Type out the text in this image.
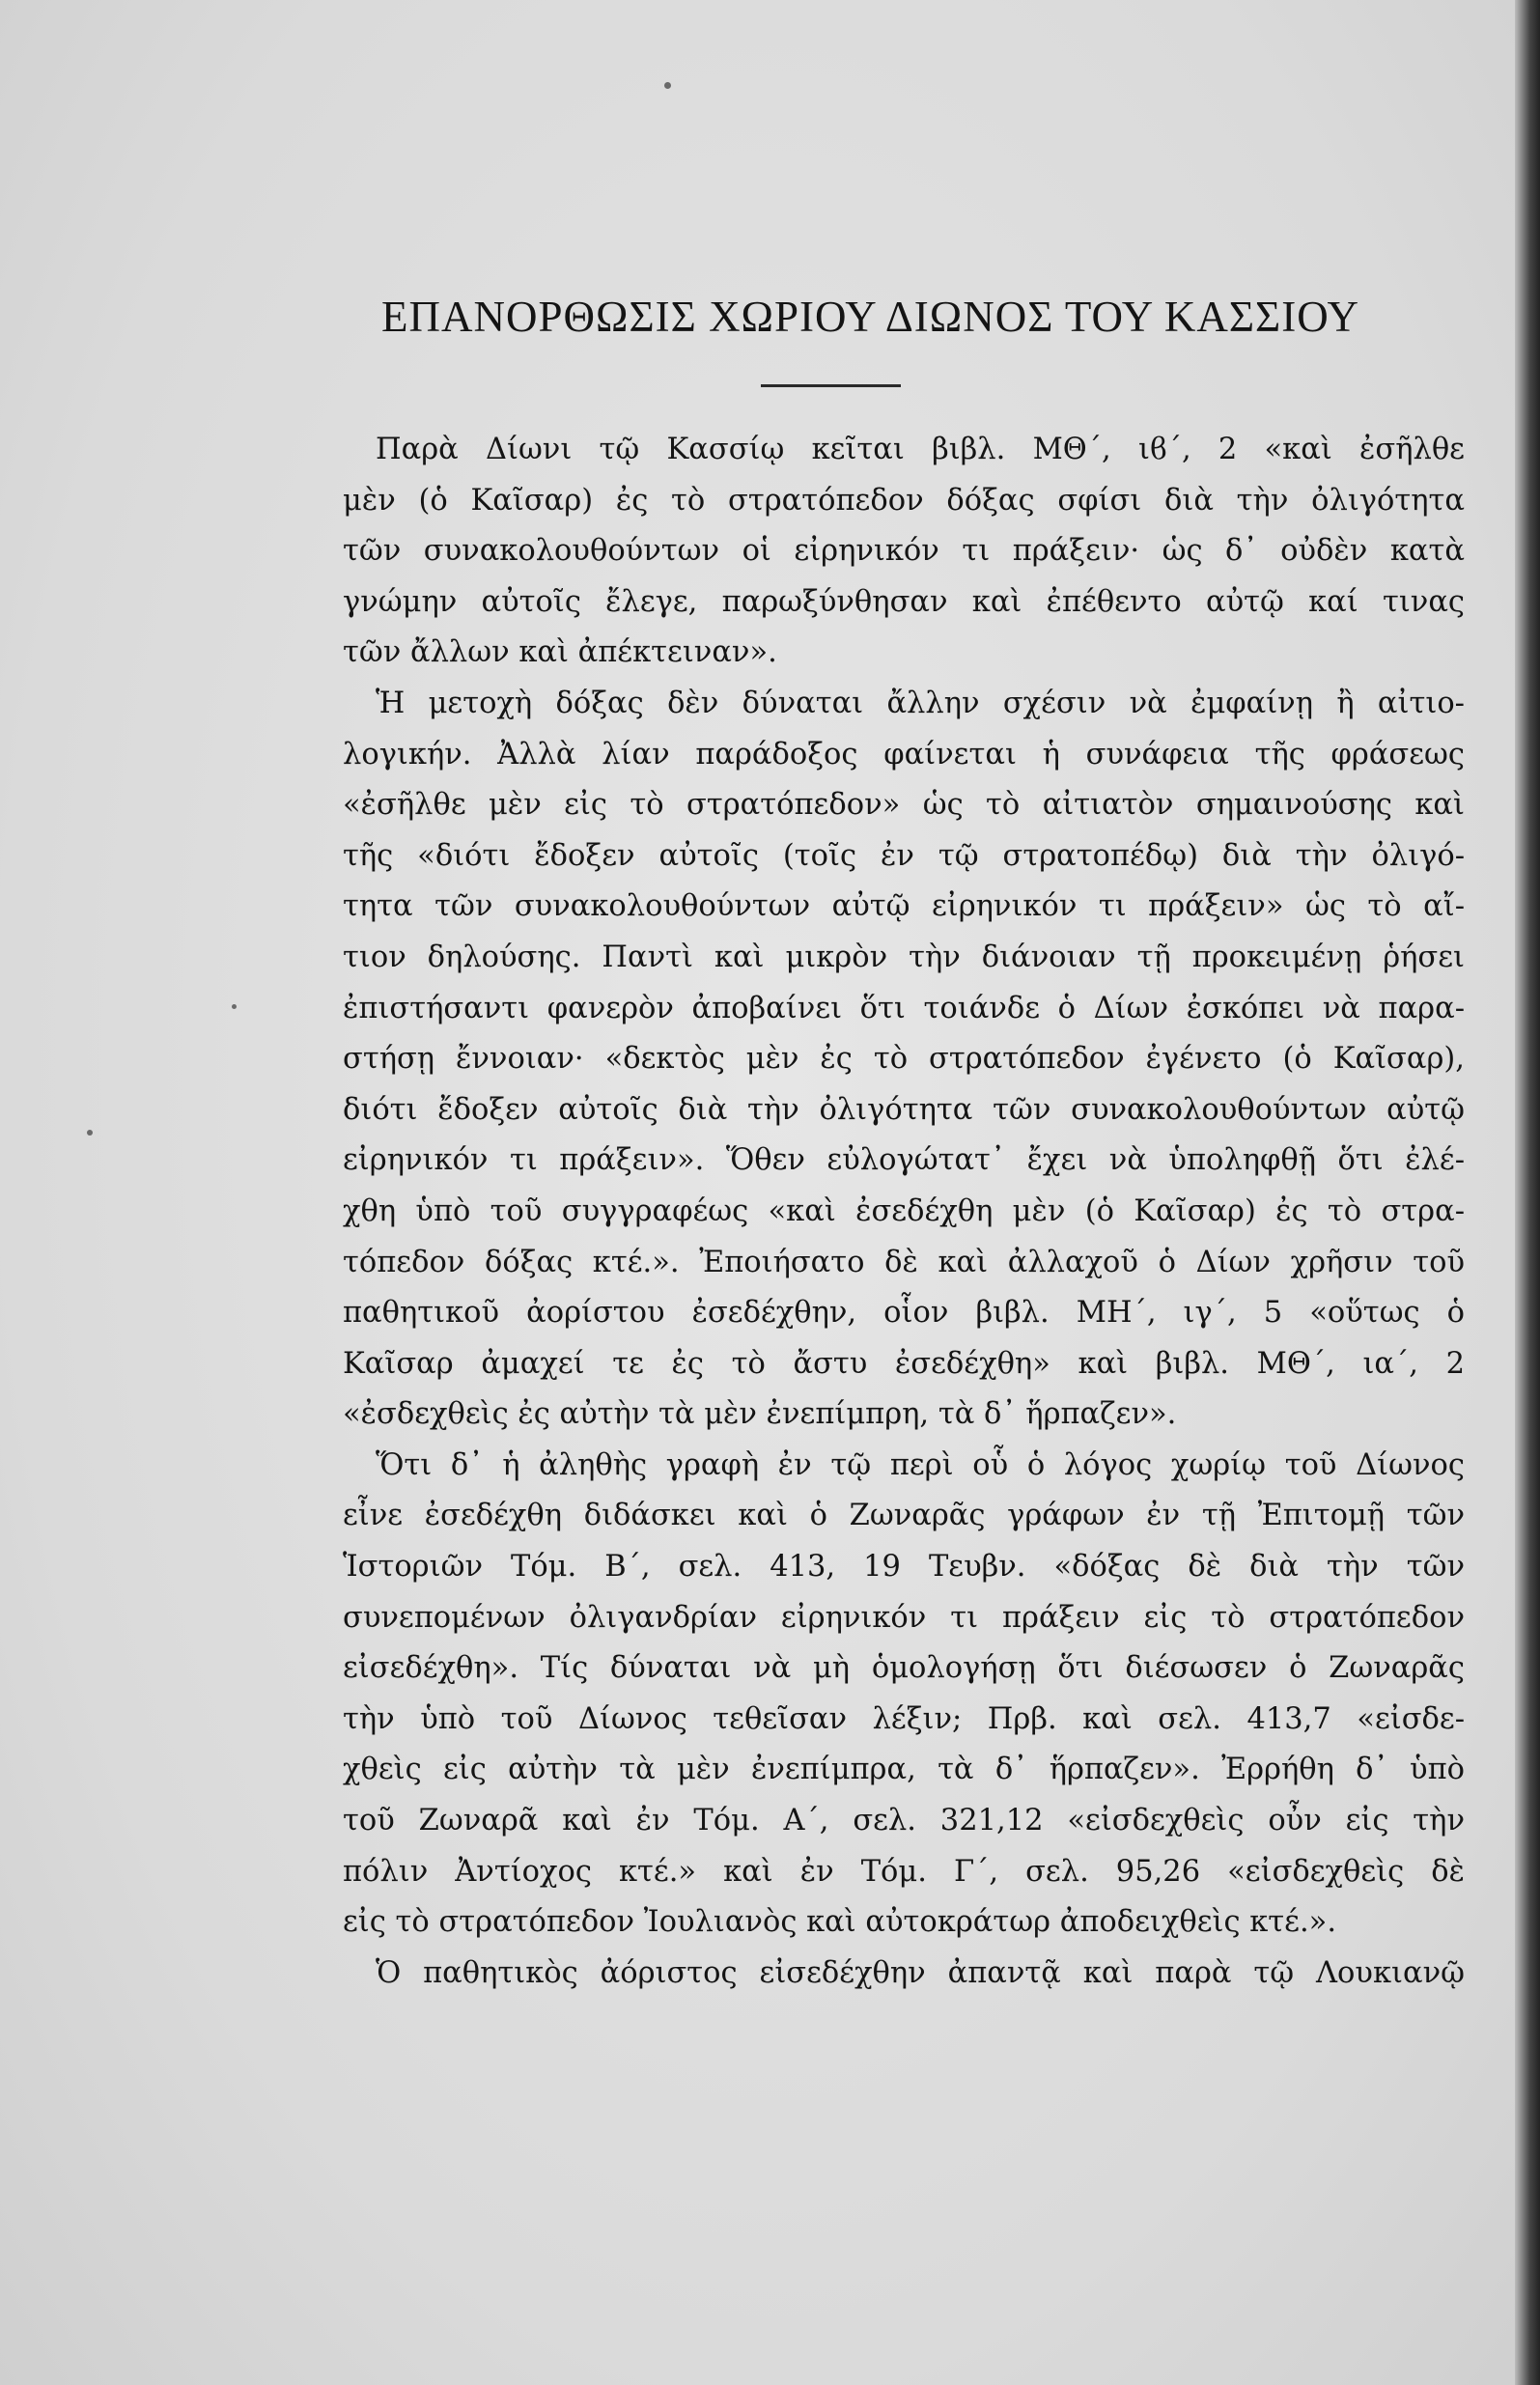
ΕΠΑΝΟΡΘΩΣΙΣ ΧΩΡΙΟΥ ΔΙΩΝΟΣ ΤΟΥ ΚΑΣΣΙΟΥ
Παρὰ Δίωνι τῷ Κασσίῳ κεῖται βιβλ. ΜΘ΄, ιϐ΄, 2 «καὶ ἐσῆλθε
μὲν (ὁ Καῖσαρ) ἐς τὸ στρατόπεδον δόξας σφίσι διὰ τὴν ὀλιγότητα
τῶν συνακολουθούντων οἱ εἰρηνικόν τι πράξειν· ὡς δ᾽ οὐδὲν κατὰ
γνώμην αὐτοῖς ἔλεγε, παρωξύνθησαν καὶ ἐπέθεντο αὐτῷ καί τινας
τῶν ἄλλων καὶ ἀπέκτειναν».
Ἡ μετοχὴ δόξας δὲν δύναται ἄλλην σχέσιν νὰ ἐμφαίνῃ ἢ αἰτιο-
λογικήν. Ἀλλὰ λίαν παράδοξος φαίνεται ἡ συνάφεια τῆς φράσεως
«ἐσῆλθε μὲν εἰς τὸ στρατόπεδον» ὡς τὸ αἰτιατὸν σημαινούσης καὶ
τῆς «διότι ἔδοξεν αὐτοῖς (τοῖς ἐν τῷ στρατοπέδῳ) διὰ τὴν ὀλιγό-
τητα τῶν συνακολουθούντων αὐτῷ εἰρηνικόν τι πράξειν» ὡς τὸ αἴ-
τιον δηλούσης. Παντὶ καὶ μικρὸν τὴν διάνοιαν τῇ προκειμένῃ ῥήσει
ἐπιστήσαντι φανερὸν ἀποβαίνει ὅτι τοιάνδε ὁ Δίων ἐσκόπει νὰ παρα-
στήσῃ ἔννοιαν· «δεκτὸς μὲν ἐς τὸ στρατόπεδον ἐγένετο (ὁ Καῖσαρ),
διότι ἔδοξεν αὐτοῖς διὰ τὴν ὀλιγότητα τῶν συνακολουθούντων αὐτῷ
εἰρηνικόν τι πράξειν». Ὅθεν εὐλογώτατ᾽ ἔχει νὰ ὑποληφθῇ ὅτι ἐλέ-
χθη ὑπὸ τοῦ συγγραφέως «καὶ ἐσεδέχθη μὲν (ὁ Καῖσαρ) ἐς τὸ στρα-
τόπεδον δόξας κτέ.». Ἐποιήσατο δὲ καὶ ἀλλαχοῦ ὁ Δίων χρῆσιν τοῦ
παθητικοῦ ἀορίστου ἐσεδέχθην, οἷον βιβλ. ΜΗ΄, ιγ΄, 5 «οὕτως ὁ
Καῖσαρ ἀμαχεί τε ἐς τὸ ἄστυ ἐσεδέχθη» καὶ βιβλ. ΜΘ΄, ια΄, 2
«ἐσδεχθεὶς ἐς αὐτὴν τὰ μὲν ἐνεπίμπρη, τὰ δ᾽ ἥρπαζεν».
Ὅτι δ᾽ ἡ ἀληθὴς γραφὴ ἐν τῷ περὶ οὗ ὁ λόγος χωρίῳ τοῦ Δίωνος
εἶνε ἐσεδέχθη διδάσκει καὶ ὁ Ζωναρᾶς γράφων ἐν τῇ Ἐπιτομῇ τῶν
Ἱστοριῶν Τόμ. Β΄, σελ. 413, 19 Τευβν. «δόξας δὲ διὰ τὴν τῶν
συνεπομένων ὀλιγανδρίαν εἰρηνικόν τι πράξειν εἰς τὸ στρατόπεδον
εἰσεδέχθη». Τίς δύναται νὰ μὴ ὁμολογήσῃ ὅτι διέσωσεν ὁ Ζωναρᾶς
τὴν ὑπὸ τοῦ Δίωνος τεθεῖσαν λέξιν; Πρβ. καὶ σελ. 413,7 «εἰσδε-
χθεὶς εἰς αὐτὴν τὰ μὲν ἐνεπίμπρα, τὰ δ᾽ ἥρπαζεν». Ἐρρήθη δ᾽ ὑπὸ
τοῦ Ζωναρᾶ καὶ ἐν Τόμ. Α΄, σελ. 321,12 «εἰσδεχθεὶς οὖν εἰς τὴν
πόλιν Ἀντίοχος κτέ.» καὶ ἐν Τόμ. Γ΄, σελ. 95,26 «εἰσδεχθεὶς δὲ
εἰς τὸ στρατόπεδον Ἰουλιανὸς καὶ αὐτοκράτωρ ἀποδειχθεὶς κτέ.».
Ὁ παθητικὸς ἀόριστος εἰσεδέχθην ἀπαντᾷ καὶ παρὰ τῷ Λουκιανῷ
